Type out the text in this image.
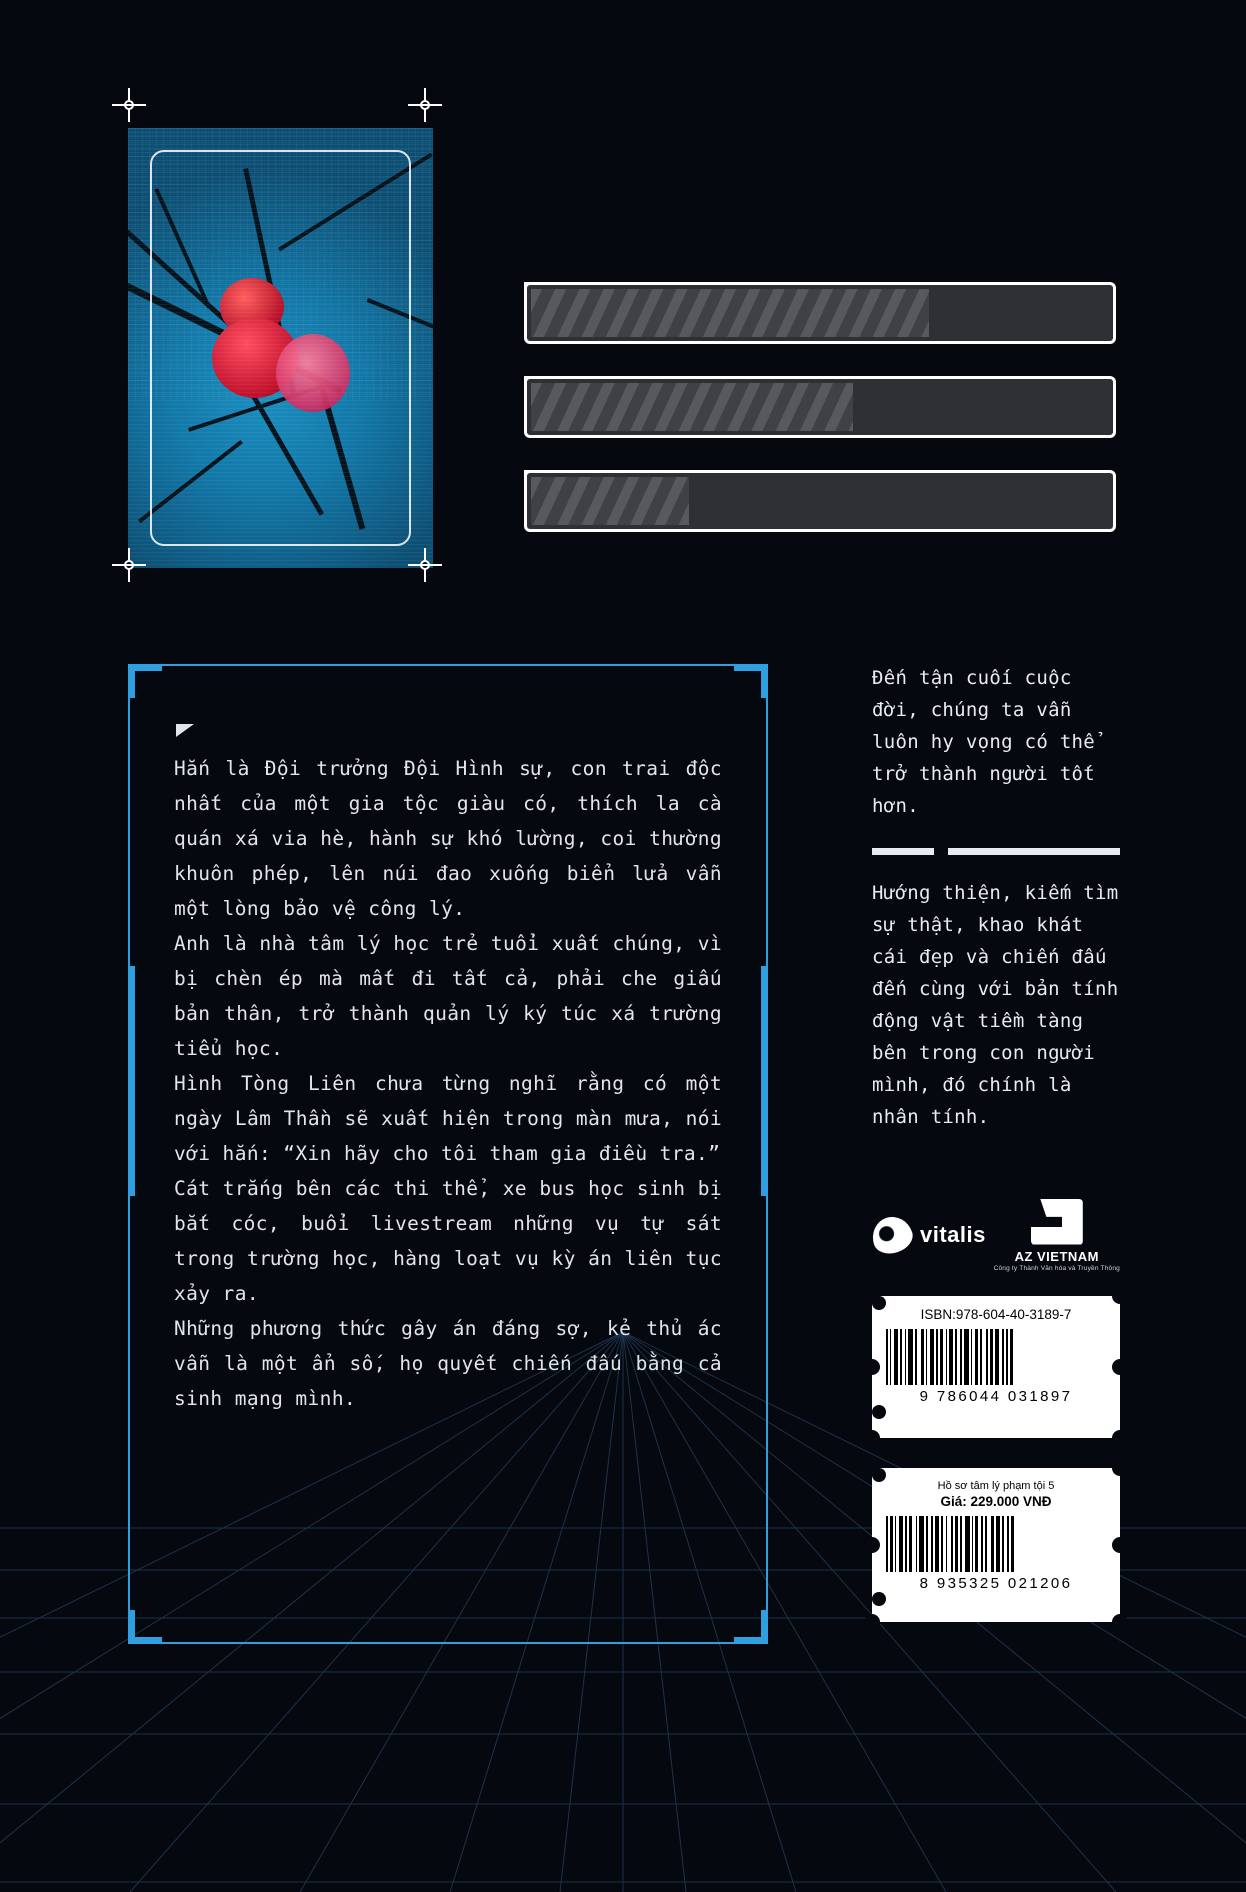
Hắn là Đội trưởng Đội Hình sự, con trai độc nhất của một gia tộc giàu có, thích la cà quán xá via hè, hành sự khó lường, coi thường khuôn phép, lên núi đao xuống biển lửa vẫn một lòng bảo vệ công lý.

Anh là nhà tâm lý học trẻ tuổi xuất chúng, vì bị chèn ép mà mất đi tất cả, phải che giấu bản thân, trở thành quản lý ký túc xá trường tiểu học.

Hình Tòng Liên chưa từng nghĩ rằng có một ngày Lâm Thần sẽ xuất hiện trong màn mưa, nói với hắn: “Xin hãy cho tôi tham gia điều tra.”

Cát trắng bên các thi thể, xe bus học sinh bị bắt cóc, buổi livestream những vụ tự sát trong trường học, hàng loạt vụ kỳ án liên tục xảy ra.

Những phương thức gây án đáng sợ, kẻ thủ ác vẫn là một ẩn số, họ quyết chiến đấu bằng cả sinh mạng mình.

Đến tận cuối cuộc đời, chúng ta vẫn luôn hy vọng có thể trở thành người tốt hơn.

Hướng thiện, kiếm tìm sự thật, khao khát cái đẹp và chiến đấu đến cùng với bản tính động vật tiềm tàng bên trong con người mình, đó chính là nhân tính.

vitalis
AZ VIETNAM
Công ty Thành Văn hóa và Truyền Thông
ISBN:978-604-40-3189-7
9 786044 031897
Hồ sơ tâm lý phạm tội 5
Giá: 229.000 VNĐ
8 935325 021206
